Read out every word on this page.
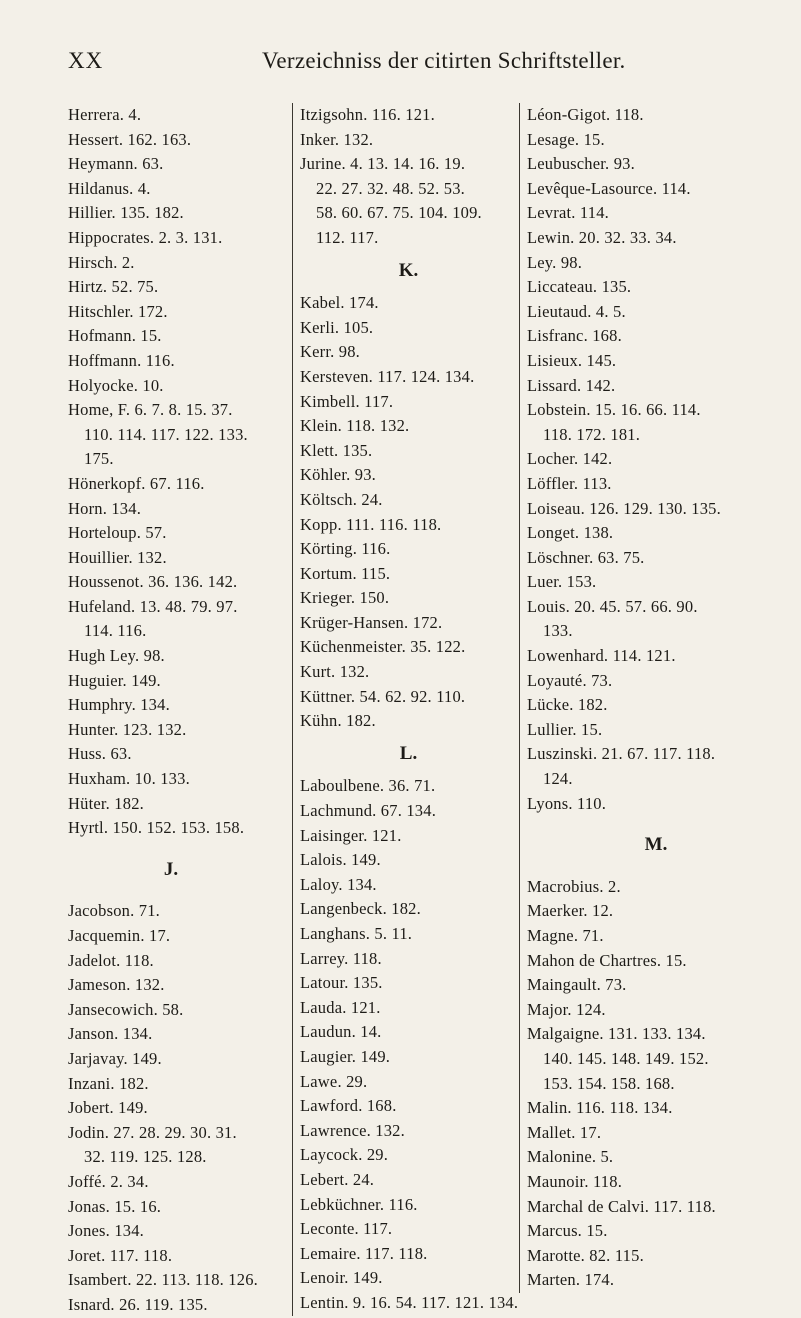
XX	Verzeichniss der citirten Schriftsteller.
Herrera. 4.
Hessert. 162. 163.
Heymann. 63.
Hildanus. 4.
Hillier. 135. 182.
Hippocrates. 2. 3. 131.
Hirsch. 2.
Hirtz. 52. 75.
Hitschler. 172.
Hofmann. 15.
Hoffmann. 116.
Holyocke. 10.
Home, F. 6. 7. 8. 15. 37.
110. 114. 117. 122. 133.
175.
Hönerkopf. 67. 116.
Horn. 134.
Horteloup. 57.
Houillier. 132.
Houssenot. 36. 136. 142.
Hufeland. 13. 48. 79. 97.
114. 116.
Hugh Ley. 98.
Huguier. 149.
Humphry. 134.
Hunter. 123. 132.
Huss. 63.
Huxham. 10. 133.
Hüter. 182.
Hyrtl. 150. 152. 153. 158.
J.
Jacobson. 71.
Jacquemin. 17.
Jadelot. 118.
Jameson. 132.
Jansecowich. 58.
Janson. 134.
Jarjavay. 149.
Inzani. 182.
Jobert. 149.
Jodin. 27. 28. 29. 30. 31.
32. 119. 125. 128.
Joffé. 2. 34.
Jonas. 15. 16.
Jones. 134.
Joret. 117. 118.
Isambert. 22. 113. 118. 126.
Isnard. 26. 119. 135.
Itzigsohn. 116. 121.
Inker. 132.
Jurine. 4. 13. 14. 16. 19.
22. 27. 32. 48. 52. 53.
58. 60. 67. 75. 104. 109.
112. 117.
K.
Kabel. 174.
Kerli. 105.
Kerr. 98.
Kersteven. 117. 124. 134.
Kimbell. 117.
Klein. 118. 132.
Klett. 135.
Köhler. 93.
Költsch. 24.
Kopp. 111. 116. 118.
Körting. 116.
Kortum. 115.
Krieger. 150.
Krüger-Hansen. 172.
Küchenmeister. 35. 122.
Kurt. 132.
Küttner. 54. 62. 92. 110.
Kühn. 182.
L.
Laboulbene. 36. 71.
Lachmund. 67. 134.
Laisinger. 121.
Lalois. 149.
Laloy. 134.
Langenbeck. 182.
Langhans. 5. 11.
Larrey. 118.
Latour. 135.
Lauda. 121.
Laudun. 14.
Laugier. 149.
Lawe. 29.
Lawford. 168.
Lawrence. 132.
Laycock. 29.
Lebert. 24.
Lebküchner. 116.
Leconte. 117.
Lemaire. 117. 118.
Lenoir. 149.
Lentin. 9. 16. 54. 117. 121. 134.
Léon-Gigot. 118.
Lesage. 15.
Leubuscher. 93.
Levêque-Lasource. 114.
Levrat. 114.
Lewin. 20. 32. 33. 34.
Ley. 98.
Liccateau. 135.
Lieutaud. 4. 5.
Lisfranc. 168.
Lisieux. 145.
Lissard. 142.
Lobstein. 15. 16. 66. 114.
118. 172. 181.
Locher. 142.
Löffler. 113.
Loiseau. 126. 129. 130. 135.
Longet. 138.
Löschner. 63. 75.
Luer. 153.
Louis. 20. 45. 57. 66. 90.
133.
Lowenhard. 114. 121.
Loyauté. 73.
Lücke. 182.
Lullier. 15.
Luszinski. 21. 67. 117. 118.
124.
Lyons. 110.
M.
Macrobius. 2.
Maerker. 12.
Magne. 71.
Mahon de Chartres. 15.
Maingault. 73.
Major. 124.
Malgaigne. 131. 133. 134.
140. 145. 148. 149. 152.
153. 154. 158. 168.
Malin. 116. 118. 134.
Mallet. 17.
Malonine. 5.
Maunoir. 118.
Marchal de Calvi. 117. 118.
Marcus. 15.
Marotte. 82. 115.
Marten. 174.
